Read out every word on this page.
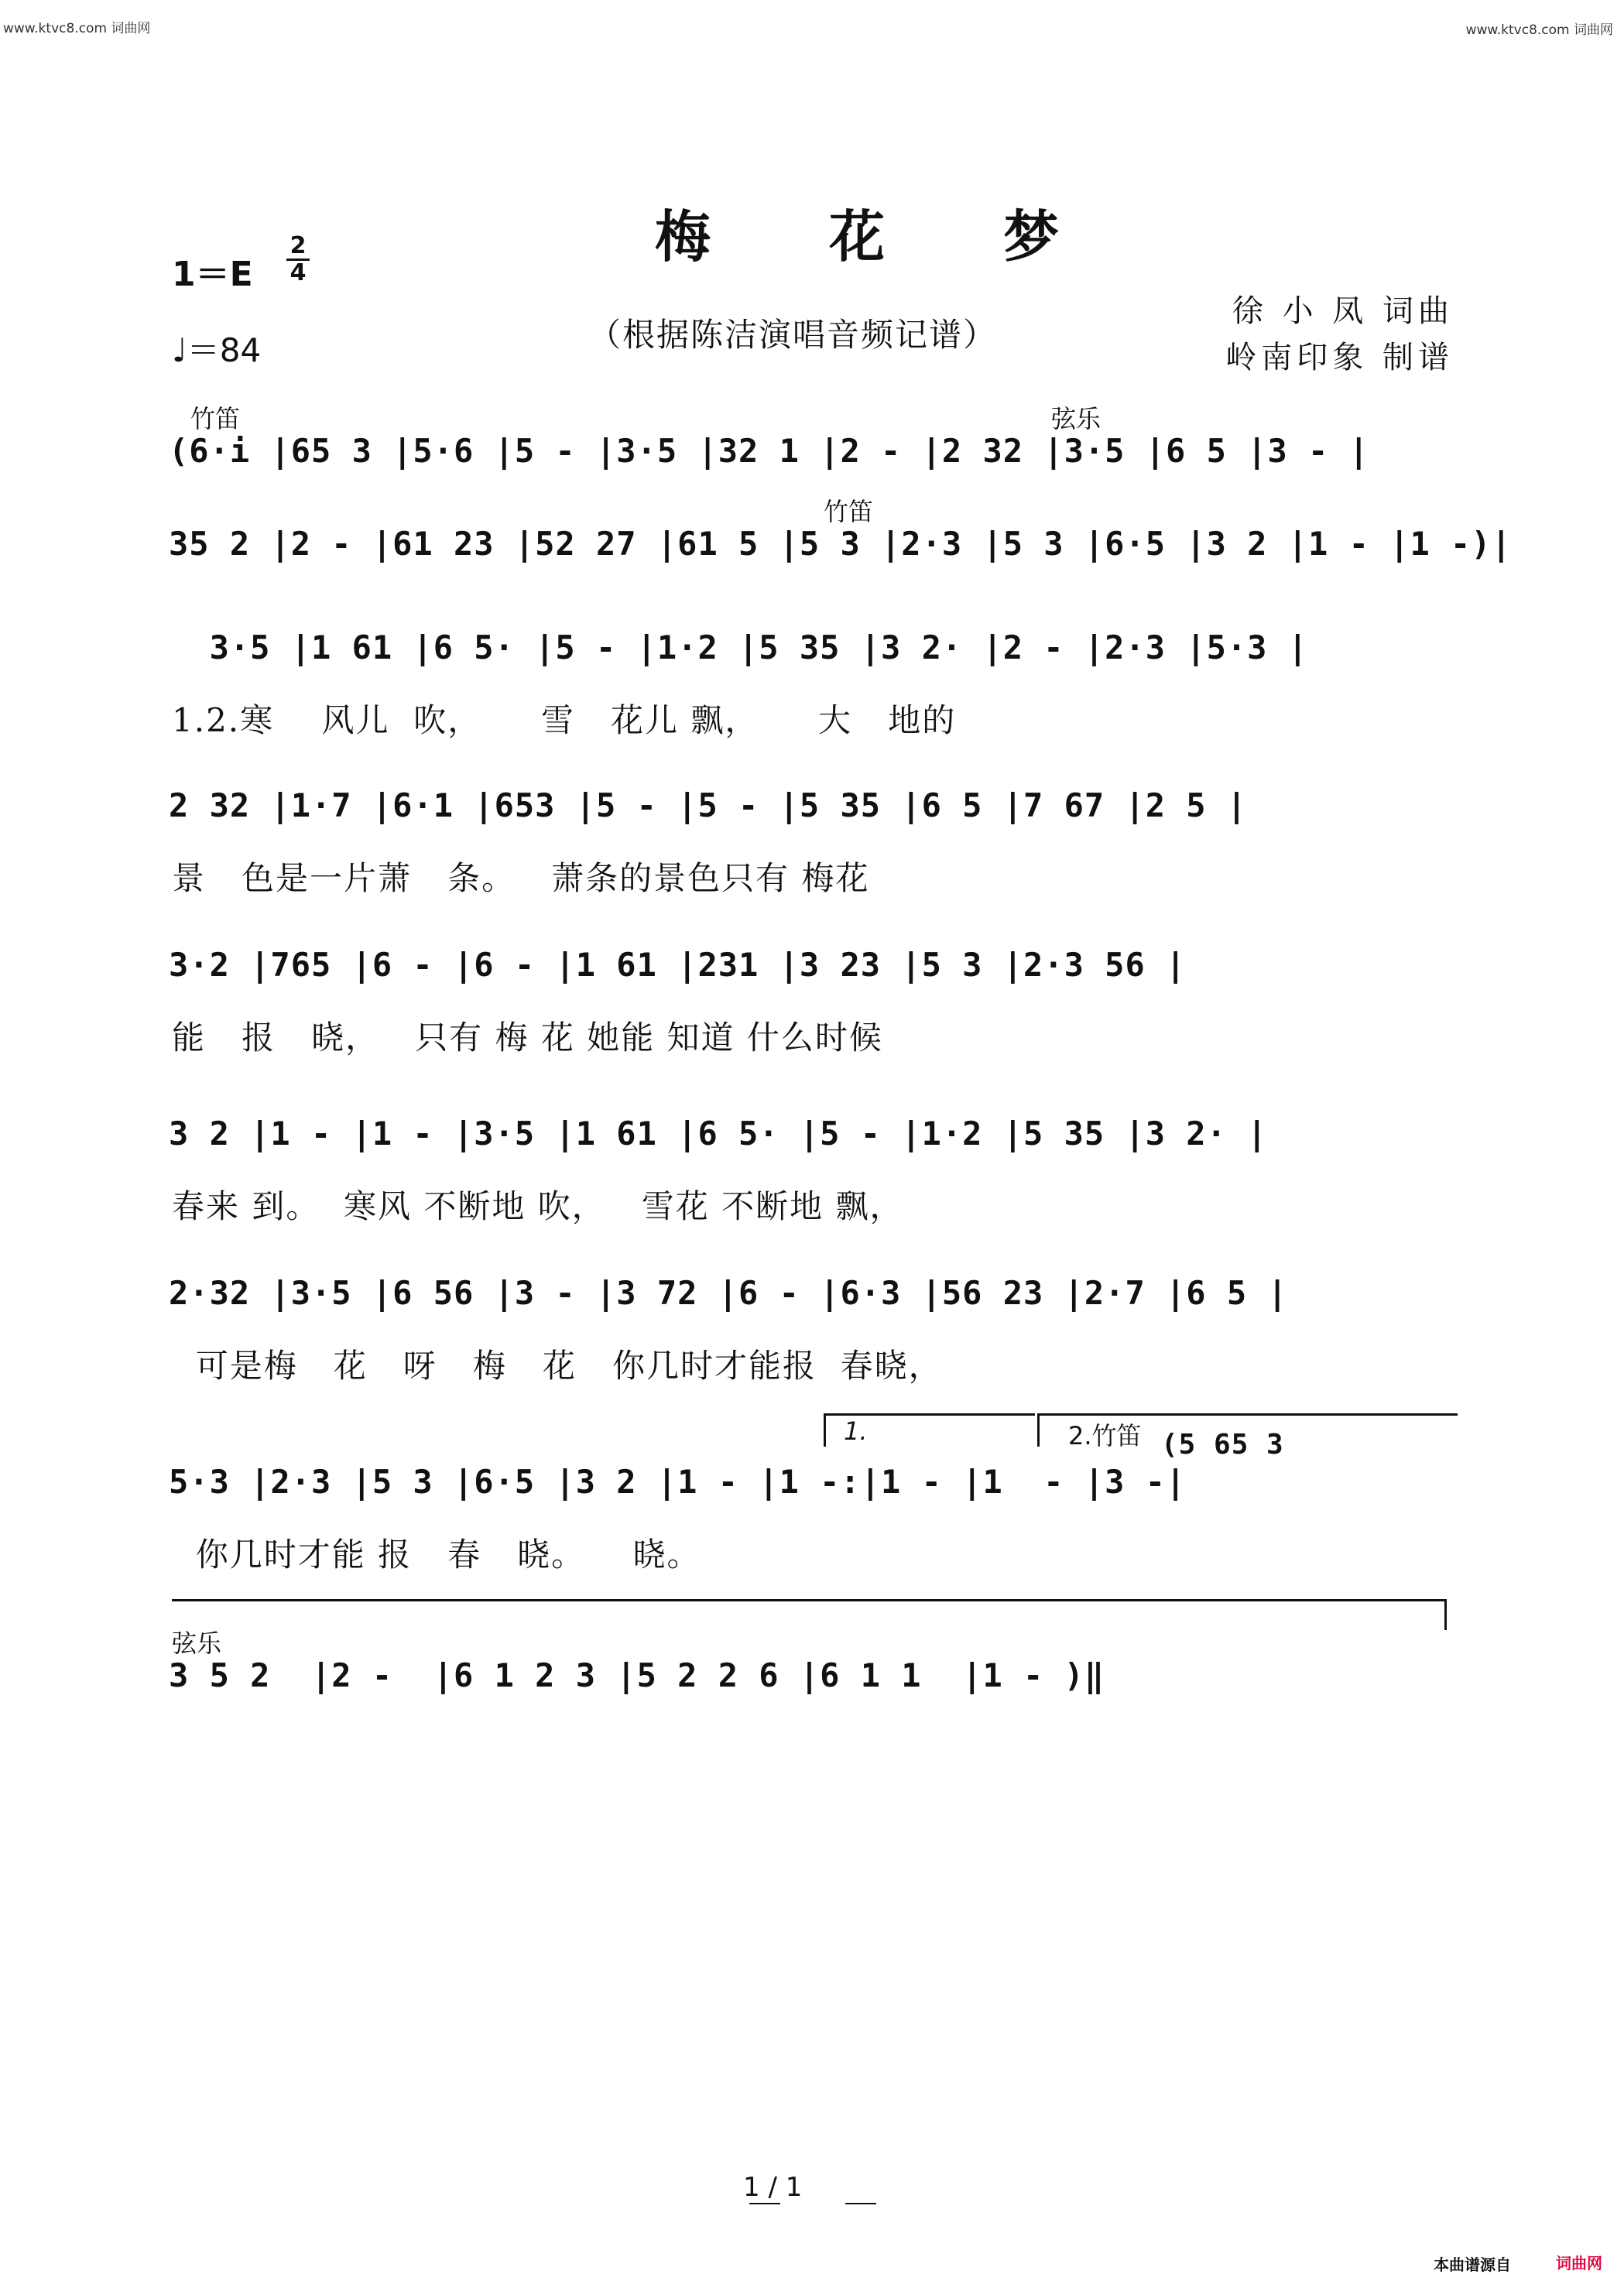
www.ktvc8.com 词曲网	www.ktvc8.com 词曲网
梅 花 梦
$1=E \frac{2}{4}$
♩＝84	（根据陈洁演唱音频记谱）
徐 小 凤 词曲
岭南印象 制谱
竹笛	弦乐
(6·i |65 3 |5·6 |5 - |3·5 |32 1 |2 - |2 32 |3·5 |6 5 |3 - |
竹笛
35 2 |2 - |61 23 |52 27 |61 5 |5 3 |2·3 |5 3 |6·5 |3 2 |1 - |1 -)|
3·5 |1 61 |6 5· |5 - |1·2 |5 35 |3 2· |2 - |2·3 |5·3 |
1.2.寒    风儿  吹，     雪   花儿 飘，     大   地的
2 32 |1·7 |6·1 |653 |5 - |5 - |5 35 |6 5 |7 67 |2 5 |
景   色是一片萧   条。   萧条的景色只有 梅花
3·2 |765 |6 - |6 - |1 61 |231 |3 23 |5 3 |2·3 56 |
能   报   晓，   只有 梅 花 她能 知道 什么时候
3 2 |1 - |1 - |3·5 |1 61 |6 5· |5 - |1·2 |5 35 |3 2· |
春来 到。  寒风 不断地 吹，   雪花 不断地 飘，
2·32 |3·5 |6 56 |3 - |3 72 |6 - |6·3 |56 23 |2·7 |6 5 |
可是梅   花   呀   梅   花   你几时才能报  春晓，
1.	2.竹笛 (5 65 3
5·3 |2·3 |5 3 |6·5 |3 2 |1 - |1 -:|1 - |1  - |3 -|
你几时才能 报   春   晓。    晓。
弦乐
3 5 2  |2 -  |6 1 2 3 |5 2 2 6 |6 1 1  |1 - )‖
1 / 1
本曲谱源自	词曲网
